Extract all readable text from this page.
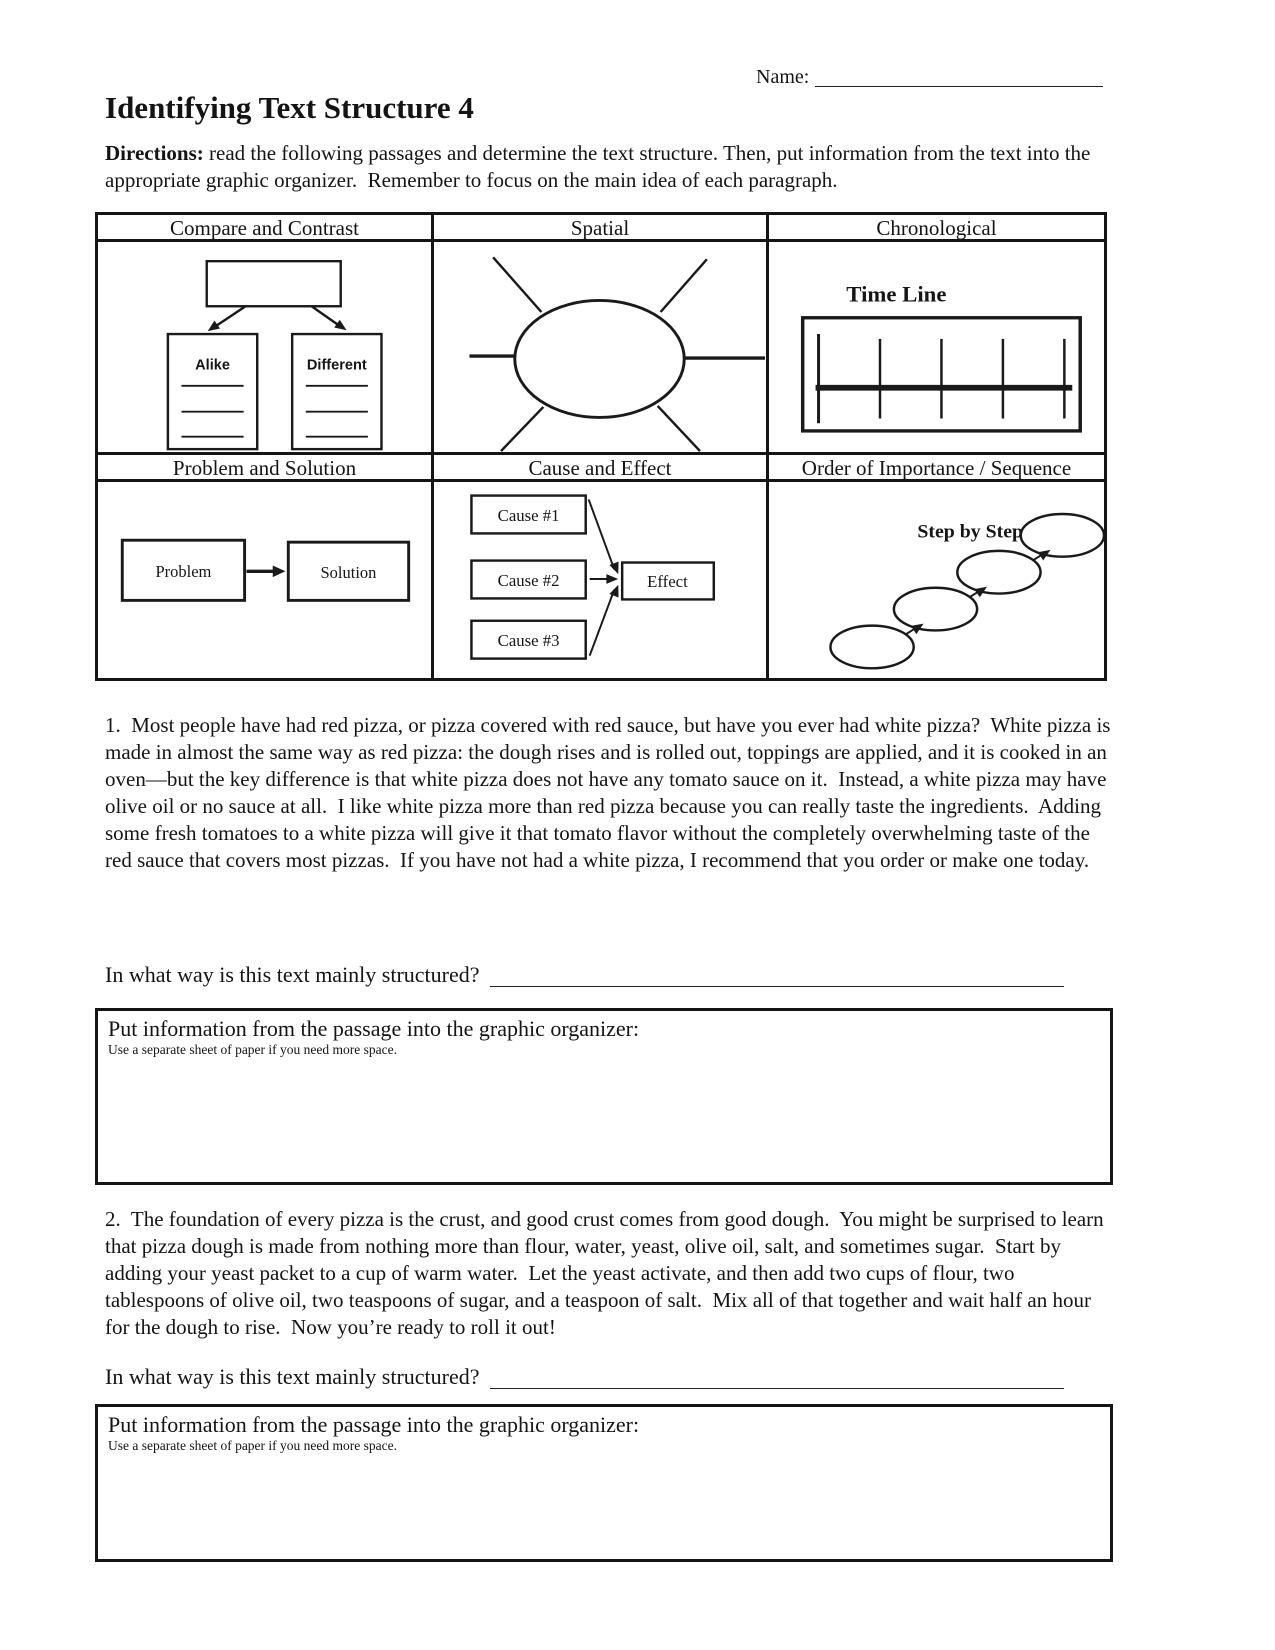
Name:
Identifying Text Structure 4
Directions: read the following passages and determine the text structure. Then, put information from the text into the appropriate graphic organizer.  Remember to focus on the main idea of each paragraph.
Compare and Contrast	Spatial	Chronological
Alike	Different
Time Line
Problem and Solution	Cause and Effect	Order of Importance / Sequence
Problem	Solution
Cause #1
Cause #2
Cause #3
Effect
Step by Step
1.  Most people have had red pizza, or pizza covered with red sauce, but have you ever had white pizza?  White pizza is made in almost the same way as red pizza: the dough rises and is rolled out, toppings are applied, and it is cooked in an oven—but the key difference is that white pizza does not have any tomato sauce on it.  Instead, a white pizza may have olive oil or no sauce at all.  I like white pizza more than red pizza because you can really taste the ingredients.  Adding some fresh tomatoes to a white pizza will give it that tomato flavor without the completely overwhelming taste of the red sauce that covers most pizzas.  If you have not had a white pizza, I recommend that you order or make one today.
In what way is this text mainly structured?
Put information from the passage into the graphic organizer:
Use a separate sheet of paper if you need more space.
2.  The foundation of every pizza is the crust, and good crust comes from good dough.  You might be surprised to learn that pizza dough is made from nothing more than flour, water, yeast, olive oil, salt, and sometimes sugar.  Start by adding your yeast packet to a cup of warm water.  Let the yeast activate, and then add two cups of flour, two tablespoons of olive oil, two teaspoons of sugar, and a teaspoon of salt.  Mix all of that together and wait half an hour for the dough to rise.  Now you’re ready to roll it out!
In what way is this text mainly structured?
Put information from the passage into the graphic organizer:
Use a separate sheet of paper if you need more space.
